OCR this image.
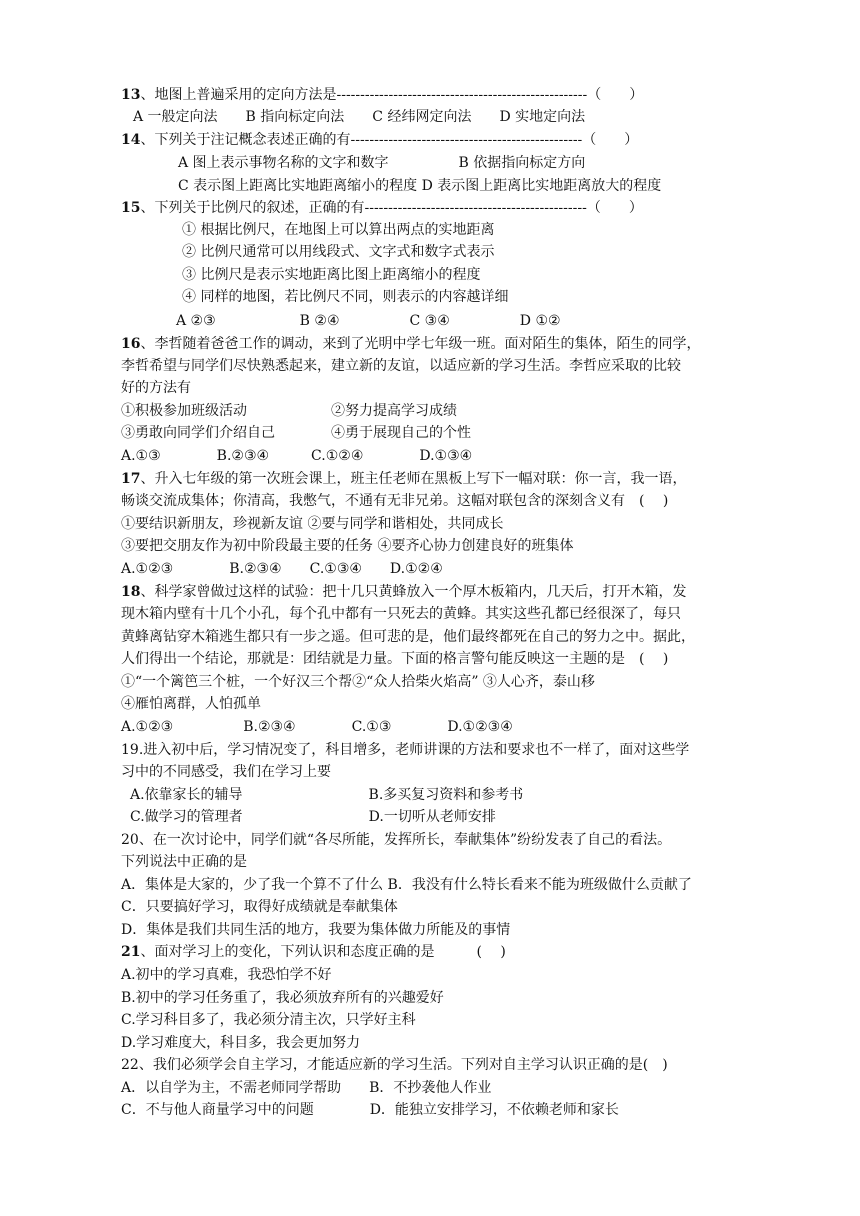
13、地图上普遍采用的定向方法是-----------------------------------------------------（　　）
A 一般定向法　　B 指向标定向法　　C 经纬网定向法　　D 实地定向法
14、下列关于注记概念表述正确的有-------------------------------------------------（　　）
A 图上表示事物名称的文字和数字　　　　　B 依据指向标定方向
C 表示图上距离比实地距离缩小的程度 D 表示图上距离比实地距离放大的程度
15、下列关于比例尺的叙述，正确的有-----------------------------------------------（　　）
① 根据比例尺，在地图上可以算出两点的实地距离
② 比例尺通常可以用线段式、文字式和数字式表示
③ 比例尺是表示实地距离比图上距离缩小的程度
④ 同样的地图，若比例尺不同，则表示的内容越详细
A ②③　　　　　　B ②④　　　　　C ③④　　　　　D ①②
16、李哲随着爸爸工作的调动，来到了光明中学七年级一班。面对陌生的集体，陌生的同学，
李哲希望与同学们尽快熟悉起来，建立新的友谊，以适应新的学习生活。李哲应采取的比较
好的方法有
①积极参加班级活动　　　　　　②努力提高学习成绩
③勇敢向同学们介绍自己　　　　④勇于展现自己的个性
A.①③　　　　B.②③④　　　C.①②④　　　　D.①③④
17、升入七年级的第一次班会课上，班主任老师在黑板上写下一幅对联：你一言，我一语，
畅谈交流成集体；你清高，我憋气，不通有无非兄弟。这幅对联包含的深刻含义有　(　 )
①要结识新朋友，珍视新友谊 ②要与同学和谐相处，共同成长
③要把交朋友作为初中阶段最主要的任务 ④要齐心协力创建良好的班集体
A.①②③　　　　B.②③④　　C.①③④　　D.①②④
18、科学家曾做过这样的试验：把十几只黄蜂放入一个厚木板箱内，几天后，打开木箱，发
现木箱内壁有十几个小孔，每个孔中都有一只死去的黄蜂。其实这些孔都已经很深了，每只
黄蜂离钻穿木箱逃生都只有一步之遥。但可悲的是，他们最终都死在自己的努力之中。据此，
人们得出一个结论，那就是：团结就是力量。下面的格言警句能反映这一主题的是　(　 )
①“一个篱笆三个桩，一个好汉三个帮②“众人拾柴火焰高” ③人心齐，泰山移
④雁怕离群，人怕孤单
A.①②③　　　　　B.②③④　　　　C.①③　　　　D.①②③④
19.进入初中后，学习情况变了，科目增多，老师讲课的方法和要求也不一样了，面对这些学
习中的不同感受，我们在学习上要
A.依靠家长的辅导　　　　　　　　　B.多买复习资料和参考书
C.做学习的管理者　　　　　　　　　D.一切听从老师安排
20、在一次讨论中，同学们就“各尽所能，发挥所长，奉献集体”纷纷发表了自己的看法。
下列说法中正确的是
A．集体是大家的，少了我一个算不了什么 B．我没有什么特长看来不能为班级做什么贡献了
C．只要搞好学习，取得好成绩就是奉献集体
D．集体是我们共同生活的地方，我要为集体做力所能及的事情
21、面对学习上的变化，下列认识和态度正确的是　　　(　 )
A.初中的学习真难，我恐怕学不好
B.初中的学习任务重了，我必须放弃所有的兴趣爱好
C.学习科目多了，我必须分清主次，只学好主科
D.学习难度大，科目多，我会更加努力
22、我们必须学会自主学习，才能适应新的学习生活。下列对自主学习认识正确的是(　)
A．以自学为主，不需老师同学帮助　　B．不抄袭他人作业
C．不与他人商量学习中的问题　　　　D．能独立安排学习，不依赖老师和家长
